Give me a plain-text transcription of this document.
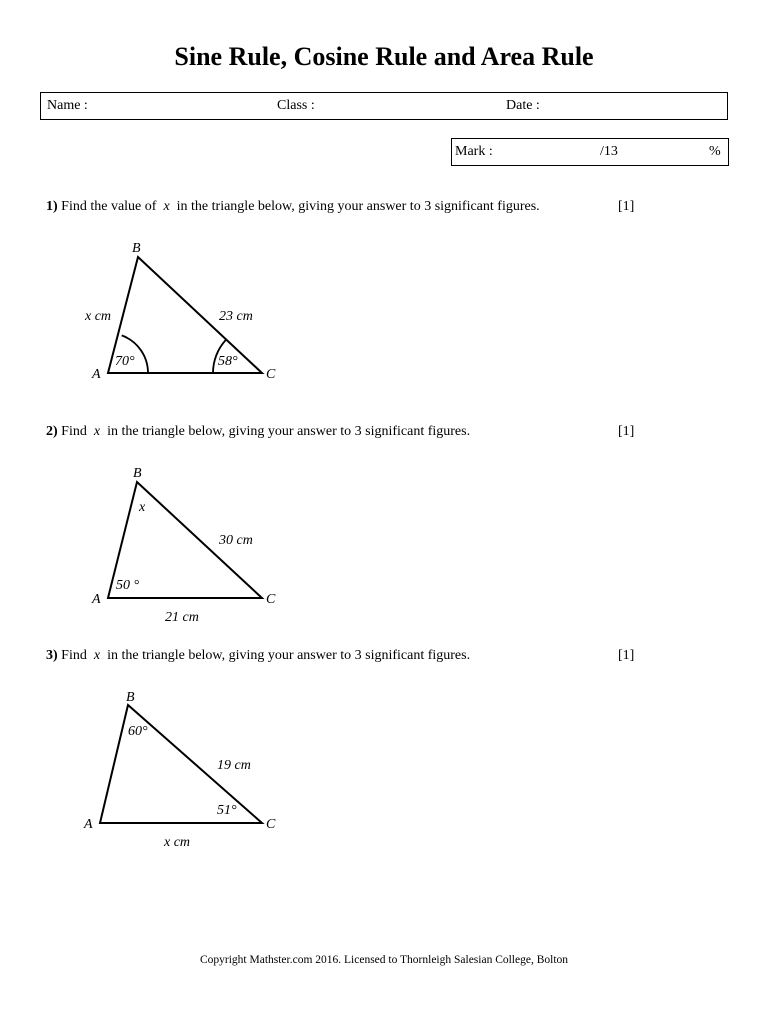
Sine Rule, Cosine Rule and Area Rule
Name :	Class :	Date :
Mark :	/13	%
1) Find the value of x in the triangle below, giving your answer to 3 significant figures.	[1]
B
A	C
x cm	23 cm
70°	58°
2) Find x in the triangle below, giving your answer to 3 significant figures.	[1]
B
A	C
x
30 cm
50 °
21 cm
3) Find x in the triangle below, giving your answer to 3 significant figures.	[1]
B
A	C
60°
19 cm
51°
x cm
Copyright Mathster.com 2016. Licensed to Thornleigh Salesian College, Bolton
